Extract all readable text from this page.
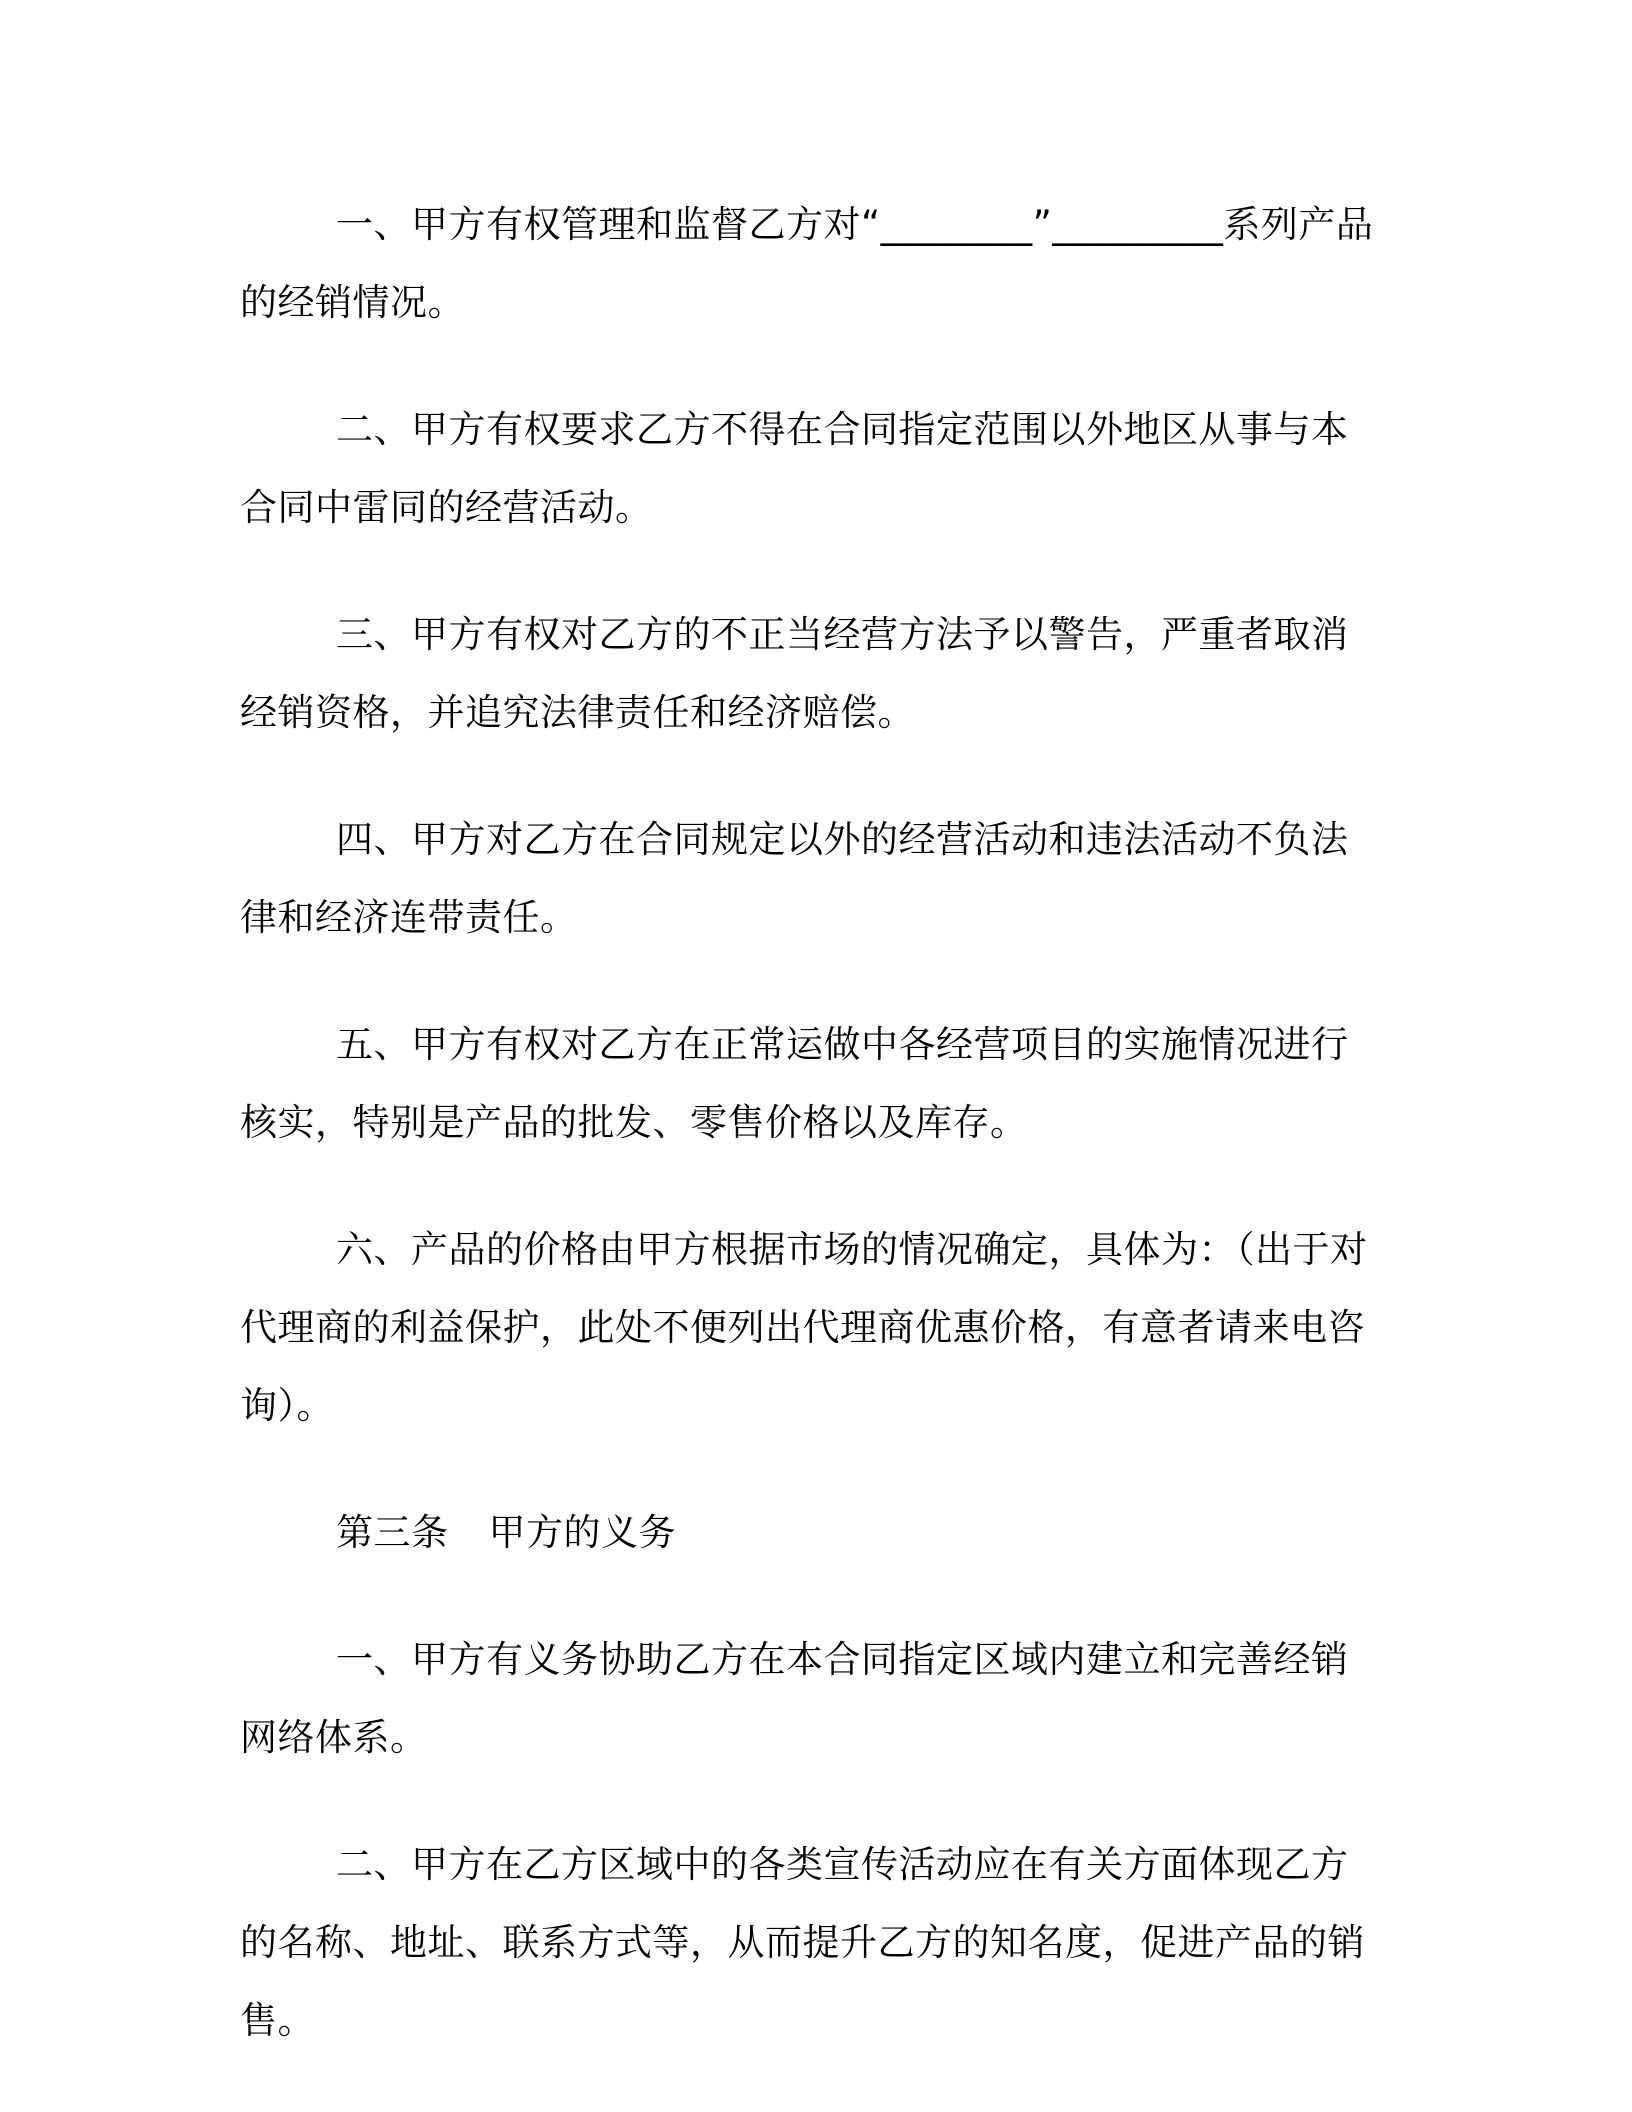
一、甲方有权管理和监督乙方对“________”_________系列产品的经销情况。

二、甲方有权要求乙方不得在合同指定范围以外地区从事与本合同中雷同的经营活动。

三、甲方有权对乙方的不正当经营方法予以警告，严重者取消经销资格，并追究法律责任和经济赔偿。

四、甲方对乙方在合同规定以外的经营活动和违法活动不负法律和经济连带责任。

五、甲方有权对乙方在正常运做中各经营项目的实施情况进行核实，特别是产品的批发、零售价格以及库存。

六、产品的价格由甲方根据市场的情况确定，具体为：（出于对代理商的利益保护，此处不便列出代理商优惠价格，有意者请来电咨询）。

第三条 甲方的义务

一、甲方有义务协助乙方在本合同指定区域内建立和完善经销网络体系。

二、甲方在乙方区域中的各类宣传活动应在有关方面体现乙方的名称、地址、联系方式等，从而提升乙方的知名度，促进产品的销售。
